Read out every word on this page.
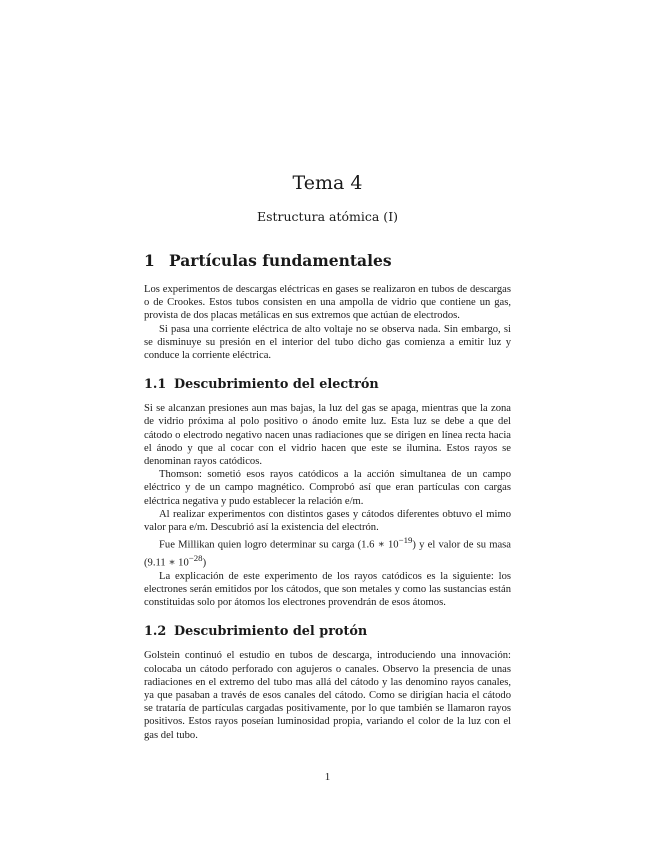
Tema 4
Estructura atómica (I)
1 Partículas fundamentales

Los experimentos de descargas eléctricas en gases se realizaron en tubos de descargas o de Crookes. Estos tubos consisten en una ampolla de vidrio que contiene un gas, provista de dos placas metálicas en sus extremos que actúan de electrodos.

Si pasa una corriente eléctrica de alto voltaje no se observa nada. Sin embargo, si se disminuye su presión en el interior del tubo dicho gas comienza a emitir luz y conduce la corriente eléctrica.

1.1 Descubrimiento del electrón

Si se alcanzan presiones aun mas bajas, la luz del gas se apaga, mientras que la zona de vidrio próxima al polo positivo o ánodo emite luz. Esta luz se debe a que del cátodo o electrodo negativo nacen unas radiaciones que se dirigen en línea recta hacia el ánodo y que al cocar con el vidrio hacen que este se ilumina. Estos rayos se denominan rayos catódicos.

Thomson: sometió esos rayos catódicos a la acción simultanea de un campo eléctrico y de un campo magnético. Comprobó así que eran partículas con cargas eléctrica negativa y pudo establecer la relación e/m.

Al realizar experimentos con distintos gases y cátodos diferentes obtuvo el mimo valor para e/m. Descubrió así la existencia del electrón.

Fue Millikan quien logro determinar su carga (1.6 ∗ $10^{-19}$) y el valor de su masa (9.11 ∗ $10^{-28}$)

La explicación de este experimento de los rayos catódicos es la siguiente: los electrones serán emitidos por los cátodos, que son metales y como las sustancias están constituidas solo por átomos los electrones provendrán de esos átomos.

1.2 Descubrimiento del protón

Golstein continuó el estudio en tubos de descarga, introduciendo una innovación: colocaba un cátodo perforado con agujeros o canales. Observo la presencia de unas radiaciones en el extremo del tubo mas allá del cátodo y las denomino rayos canales, ya que pasaban a través de esos canales del cátodo. Como se dirigían hacia el cátodo se trataría de partículas cargadas positivamente, por lo que también se llamaron rayos positivos. Estos rayos poseían luminosidad propia, variando el color de la luz con el gas del tubo.

1
